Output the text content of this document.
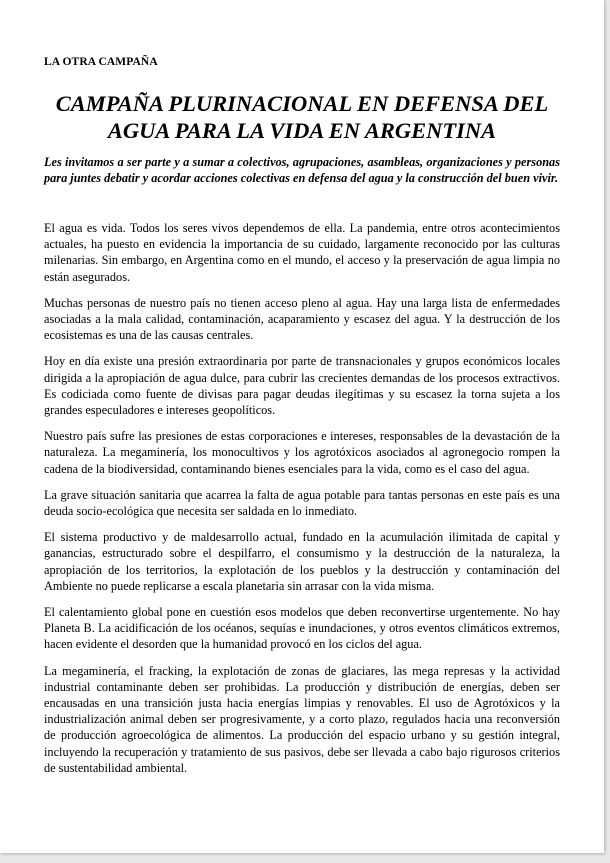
LA OTRA CAMPAÑA
CAMPAÑA PLURINACIONAL EN DEFENSA DEL AGUA PARA LA VIDA EN ARGENTINA
Les invitamos a ser parte y a sumar a colectivos, agrupaciones, asambleas, organizaciones y personas para juntes debatir y acordar acciones colectivas en defensa del agua y la construcción del buen vivir.

El agua es vida. Todos los seres vivos dependemos de ella. La pandemia, entre otros acontecimientos actuales, ha puesto en evidencia la importancia de su cuidado, largamente reconocido por las culturas milenarias. Sin embargo, en Argentina como en el mundo, el acceso y la preservación de agua limpia no están asegurados.

Muchas personas de nuestro país no tienen acceso pleno al agua. Hay una larga lista de enfermedades asociadas a la mala calidad, contaminación, acaparamiento y escasez del agua. Y la destrucción de los ecosistemas es una de las causas centrales.

Hoy en día existe una presión extraordinaria por parte de transnacionales y grupos económicos locales dirigida a la apropiación de agua dulce, para cubrir las crecientes demandas de los procesos extractivos. Es codiciada como fuente de divisas para pagar deudas ilegítimas y su escasez la torna sujeta a los grandes especuladores e intereses geopolíticos.

Nuestro país sufre las presiones de estas corporaciones e intereses, responsables de la devastación de la naturaleza. La megaminería, los monocultivos y los agrotóxicos asociados al agronegocio rompen la cadena de la biodiversidad, contaminando bienes esenciales para la vida, como es el caso del agua.

La grave situación sanitaria que acarrea la falta de agua potable para tantas personas en este país es una deuda socio-ecológica que necesita ser saldada en lo inmediato.

El sistema productivo y de maldesarrollo actual, fundado en la acumulación ilimitada de capital y ganancias, estructurado sobre el despilfarro, el consumismo y la destrucción de la naturaleza, la apropiación de los territorios, la explotación de los pueblos y la destrucción y contaminación del Ambiente no puede replicarse a escala planetaria sin arrasar con la vida misma.

El calentamiento global pone en cuestión esos modelos que deben reconvertirse urgentemente. No hay Planeta B. La acidificación de los océanos, sequías e inundaciones, y otros eventos climáticos extremos, hacen evidente el desorden que la humanidad provocó en los ciclos del agua.

La megaminería, el fracking, la explotación de zonas de glaciares, las mega represas y la actividad industrial contaminante deben ser prohibidas. La producción y distribución de energías, deben ser encausadas en una transición justa hacia energías limpias y renovables. El uso de Agrotóxicos y la industrialización animal deben ser progresivamente, y a corto plazo, regulados hacia una reconversión de producción agroecológica de alimentos. La producción del espacio urbano y su gestión integral, incluyendo la recuperación y tratamiento de sus pasivos, debe ser llevada a cabo bajo rigurosos criterios de sustentabilidad ambiental.
